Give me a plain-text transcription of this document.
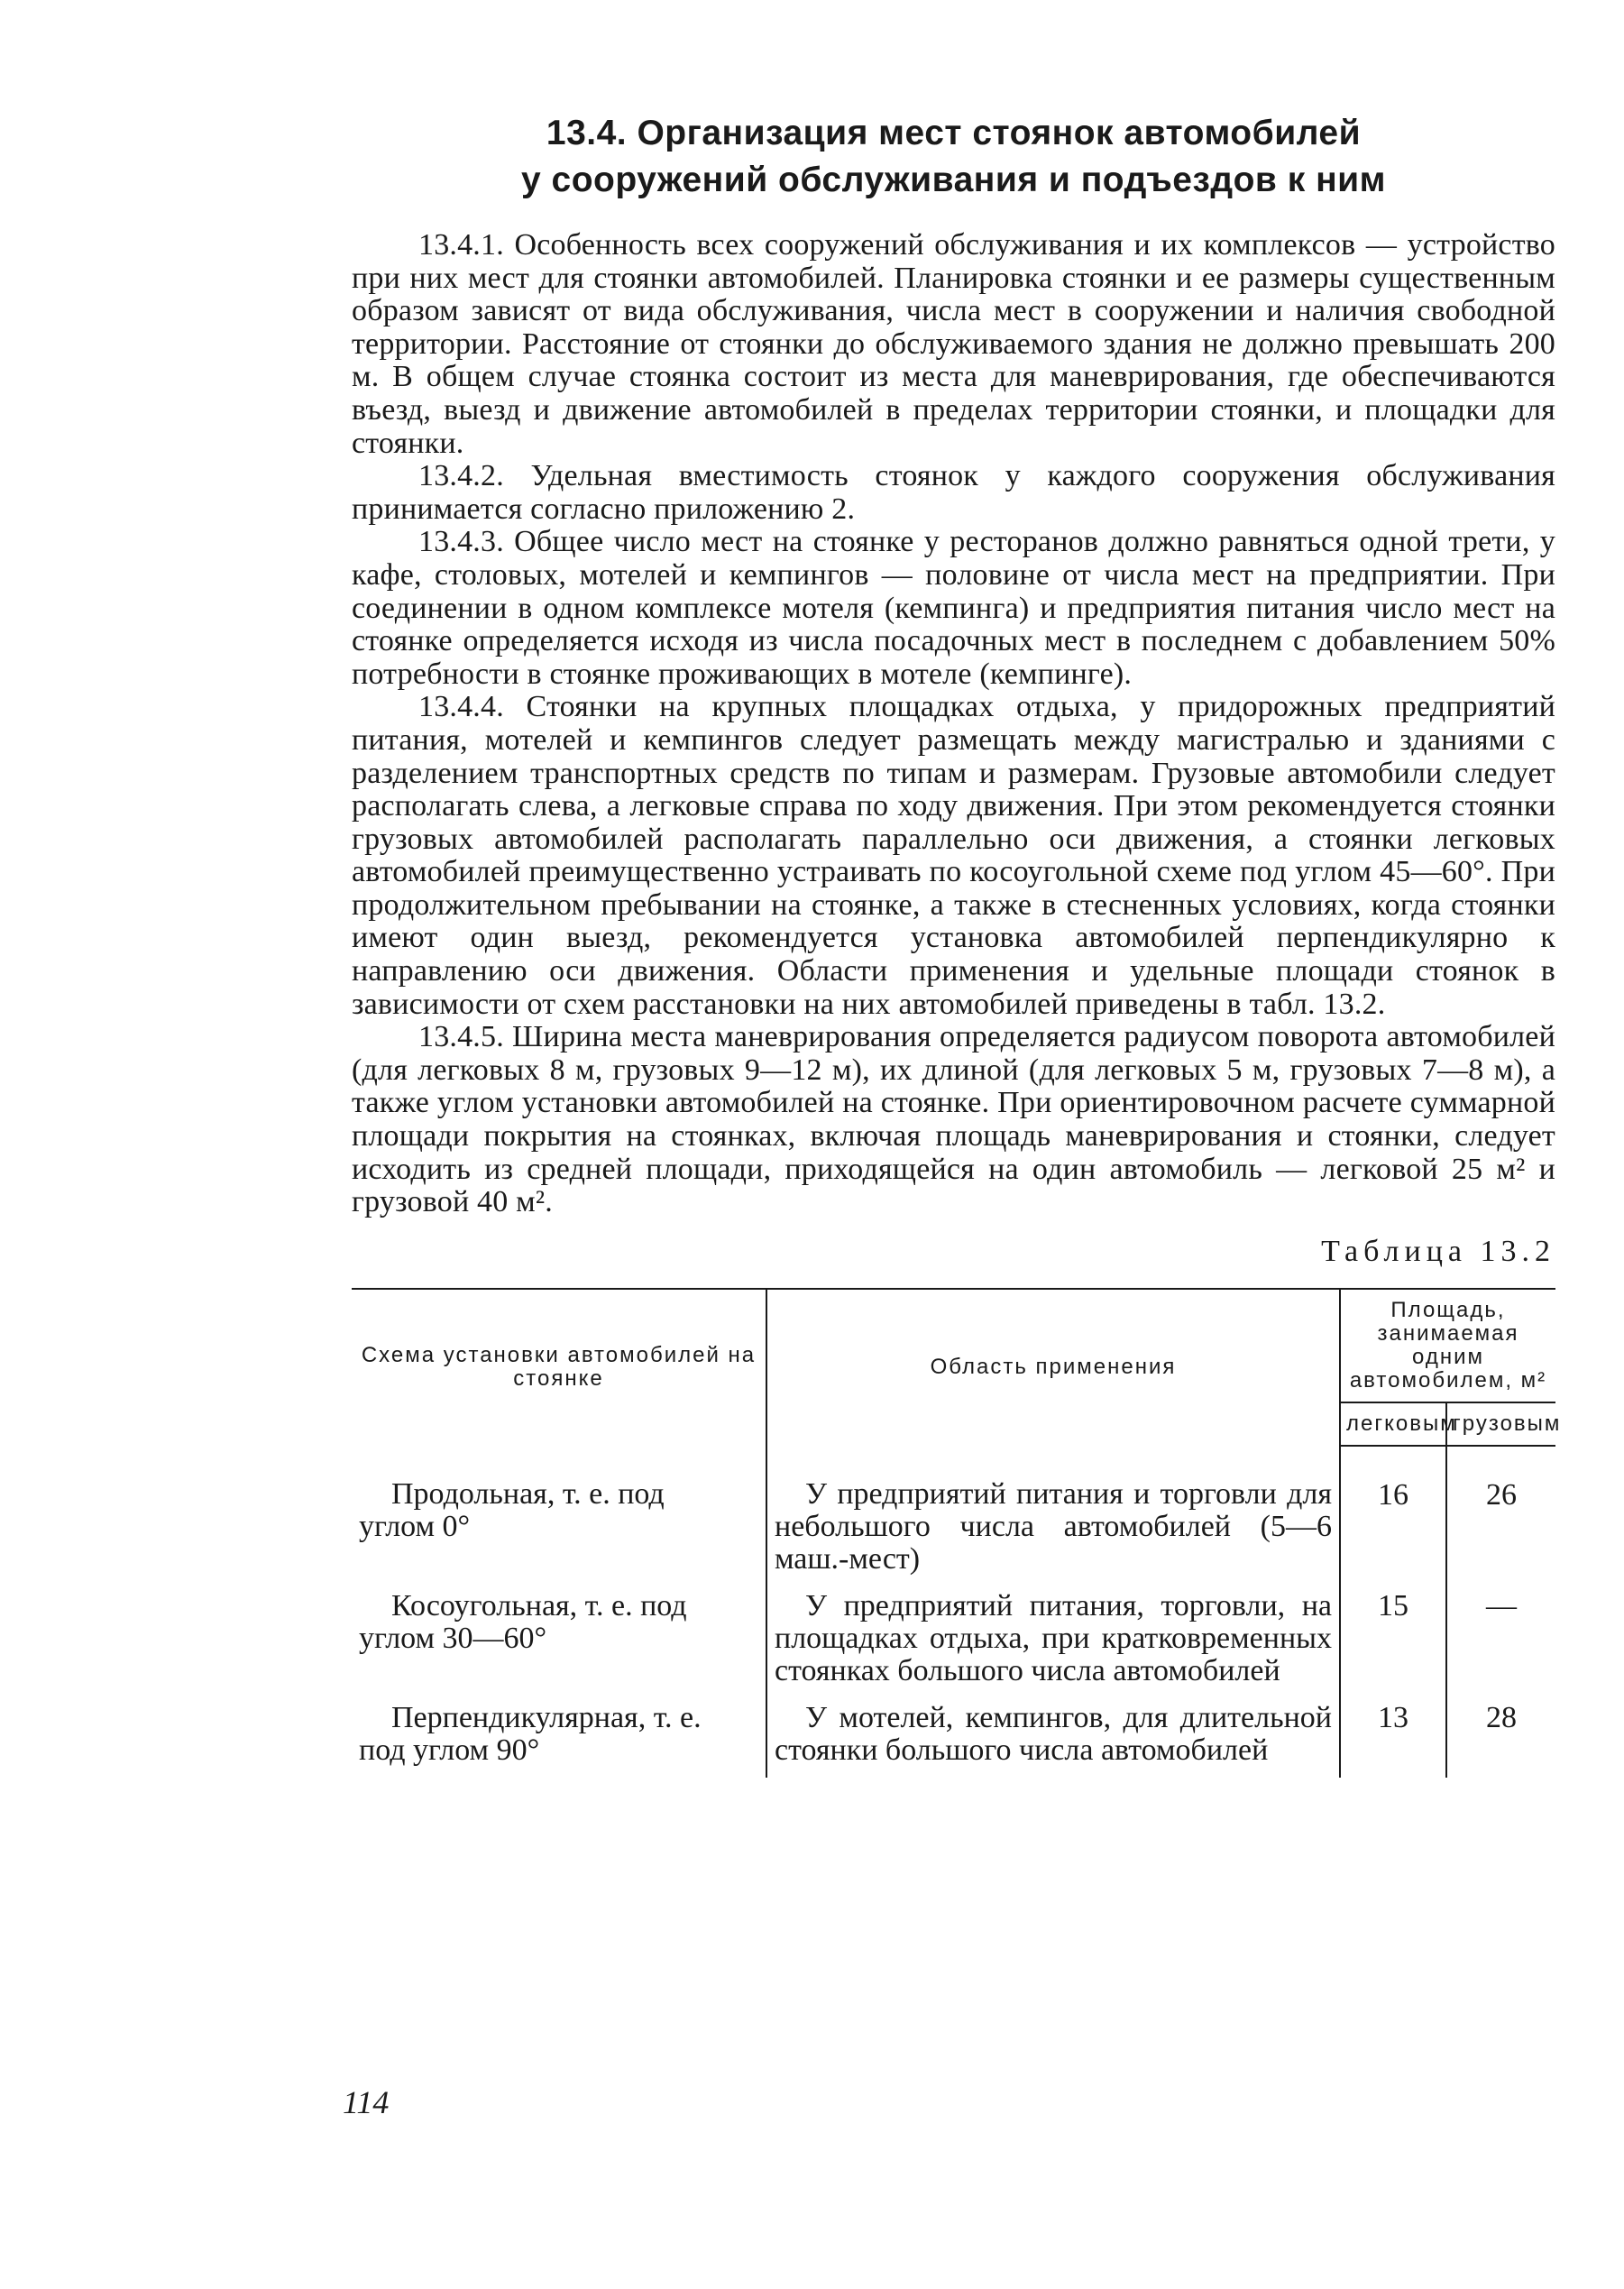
13.4. Организация мест стоянок автомобилей
у сооружений обслуживания и подъездов к ним

13.4.1. Особенность всех сооружений обслуживания и их комплексов — устройство при них мест для стоянки автомобилей. Планировка стоянки и ее размеры существенным образом зависят от вида обслуживания, числа мест в сооружении и наличия свободной территории. Расстояние от стоянки до обслуживаемого здания не должно превышать 200 м. В общем случае стоянка состоит из места для маневрирования, где обеспечиваются въезд, выезд и движение автомобилей в пределах территории стоянки, и площадки для стоянки.

13.4.2. Удельная вместимость стоянок у каждого сооружения обслуживания принимается согласно приложению 2.

13.4.3. Общее число мест на стоянке у ресторанов должно равняться одной трети, у кафе, столовых, мотелей и кемпингов — половине от числа мест на предприятии. При соединении в одном комплексе мотеля (кемпинга) и предприятия питания число мест на стоянке определяется исходя из числа посадочных мест в последнем с добавлением 50% потребности в стоянке проживающих в мотеле (кемпинге).

13.4.4. Стоянки на крупных площадках отдыха, у придорожных предприятий питания, мотелей и кемпингов следует размещать между магистралью и зданиями с разделением транспортных средств по типам и размерам. Грузовые автомобили следует располагать слева, а легковые справа по ходу движения. При этом рекомендуется стоянки грузовых автомобилей располагать параллельно оси движения, а стоянки легковых автомобилей преимущественно устраивать по косоугольной схеме под углом 45—60°. При продолжительном пребывании на стоянке, а также в стесненных условиях, когда стоянки имеют один выезд, рекомендуется установка автомобилей перпендикулярно к направлению оси движения. Области применения и удельные площади стоянок в зависимости от схем расстановки на них автомобилей приведены в табл. 13.2.

13.4.5. Ширина места маневрирования определяется радиусом поворота автомобилей (для легковых 8 м, грузовых 9—12 м), их длиной (для легковых 5 м, грузовых 7—8 м), а также углом установки автомобилей на стоянке. При ориентировочном расчете суммарной площади покрытия на стоянках, включая площадь маневрирования и стоянки, следует исходить из средней площади, приходящейся на один автомобиль — легковой 25 м² и грузовой 40 м².

Таблица 13.2
Схема установки автомобилей на стоянке	Область применения	Площадь, занимаемая одним автомобилем, м²	
		легковым	грузовым

Продольная, т. е. под
углом 0°	У предприятий питания и торговли для небольшого числа автомобилей (5—6 маш.-мест)	16	26

Косоугольная, т. е. под
углом 30—60°	У предприятий питания, торговли, на площадках отдыха, при кратковременных стоянках большого числа автомобилей	15	—

Перпендикулярная, т. е.
под углом 90°	У мотелей, кемпингов, для длительной стоянки большого числа автомобилей	13	28
114
